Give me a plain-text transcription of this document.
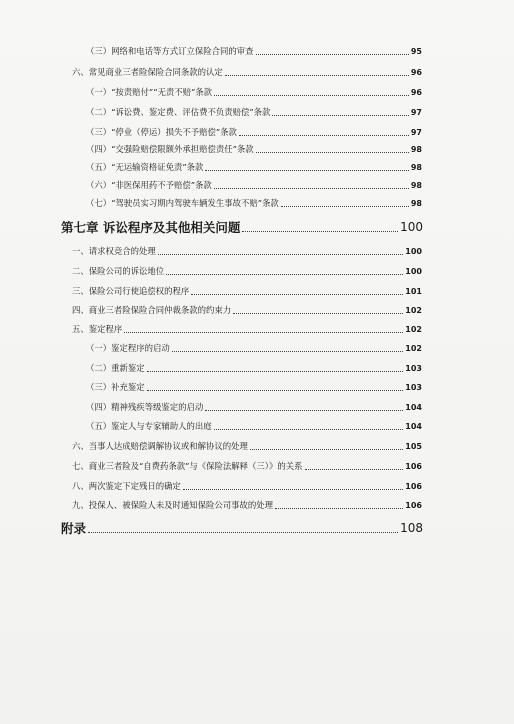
（三）网络和电话等方式订立保险合同的审查	95
六、常见商业三者险保险合同条款的认定	96
（一）“按责赔付”“无责不赔”条款	96
（二）“诉讼费、鉴定费、评估费不负责赔偿”条款	97
（三）“停业（停运）损失不予赔偿”条款	97
（四）“交强险赔偿限额外承担赔偿责任”条款	98
（五）“无运输资格证免责”条款	98
（六）“非医保用药不予赔偿”条款	98
（七）“驾驶员实习期内驾驶车辆发生事故不赔”条款	98
第七章 诉讼程序及其他相关问题	100
一、请求权竞合的处理	100
二、保险公司的诉讼地位	100
三、保险公司行使追偿权的程序	101
四、商业三者险保险合同仲裁条款的约束力	102
五、鉴定程序	102
（一）鉴定程序的启动	102
（二）重新鉴定	103
（三）补充鉴定	103
（四）精神残疾等级鉴定的启动	104
（五）鉴定人与专家辅助人的出庭	104
六、当事人达成赔偿调解协议或和解协议的处理	105
七、商业三者险及“自费药条款”与《保险法解释（三）》的关系	106
八、两次鉴定下定残日的确定	106
九、投保人、被保险人未及时通知保险公司事故的处理	106
附录	108
